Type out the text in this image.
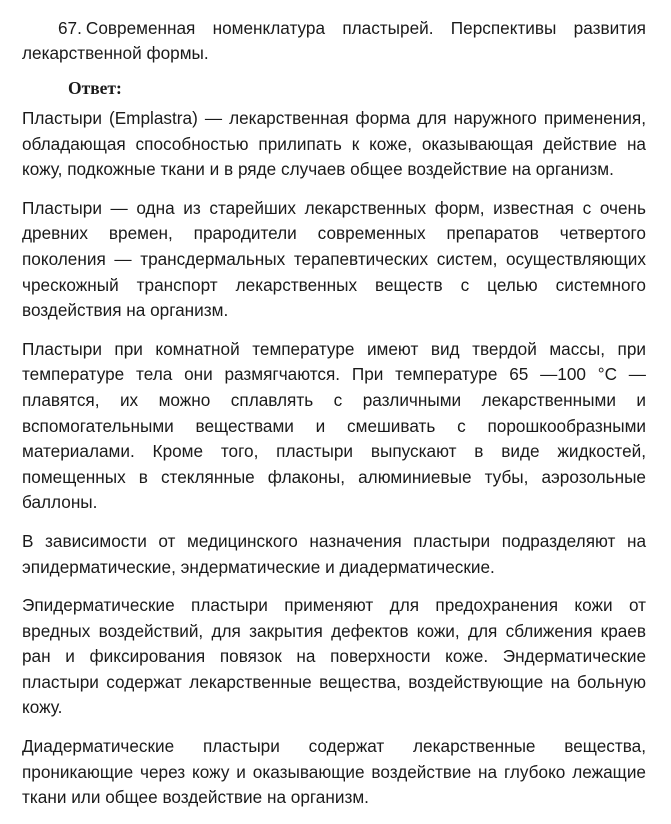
67. Современная номенклатура пластырей. Перспективы развития лекарственной формы.

Ответ:

Пластыри (Emplastra) — лекарственная форма для наружного применения, обладающая способностью прилипать к коже, оказывающая действие на кожу, подкожные ткани и в ряде случаев общее воздействие на организм.

Пластыри — одна из старейших лекарственных форм, известная с очень древних времен, прародители современных препаратов четвертого поколения — трансдермальных терапевтических систем, осуществляющих чрескожный транспорт лекарственных веществ с целью системного воздействия на организм.

Пластыри при комнатной температуре имеют вид твердой массы, при температуре тела они размягчаются. При температуре 65 —100 °С — плавятся, их можно сплавлять с различными лекарственными и вспомогательными веществами и смешивать с порошкообразными материалами. Кроме того, пластыри выпускают в виде жидкостей, помещенных в стеклянные флаконы, алюминиевые тубы, аэрозольные баллоны.

В зависимости от медицинского назначения пластыри подразделяют на эпидерматические, эндерматические и диадерматические.

Эпидерматические пластыри применяют для предохранения кожи от вредных воздействий, для закрытия дефектов кожи, для сближения краев ран и фиксирования повязок на поверхности коже. Эндерматические пластыри содержат лекарственные вещества, воздействующие на больную кожу.

Диадерматические пластыри содержат лекарственные вещества, проникающие через кожу и оказывающие воздействие на глубоко лежащие ткани или общее воздействие на организм.
